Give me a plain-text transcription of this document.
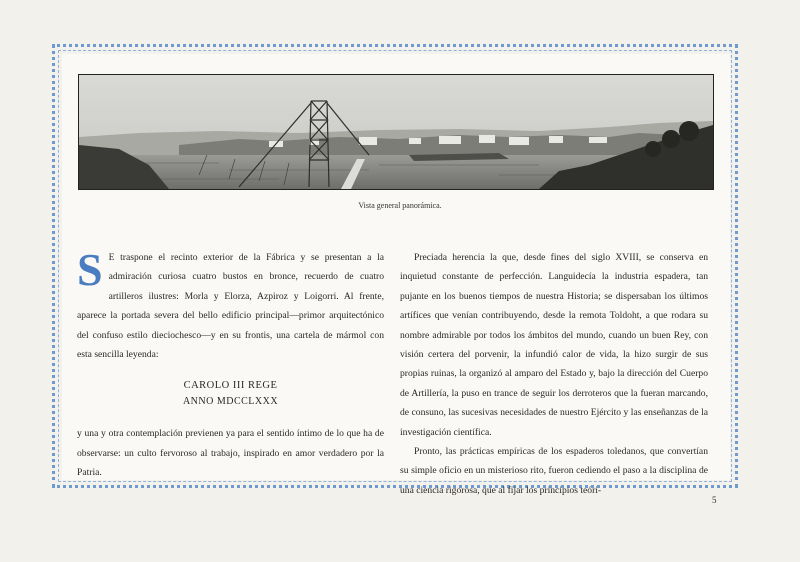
Vista general panorámica.

S E traspone el recinto exterior de la Fábrica y se presentan a la admiración curiosa cuatro bustos en bronce, recuerdo de cuatro artilleros ilustres: Morla y Elorza, Azpiroz y Loigorri. Al frente, aparece la portada severa del bello edificio principal—primor arquitectónico del confuso estilo dieciochesco—y en su frontis, una cartela de mármol con esta sencilla leyenda:

CAROLO III REGE
ANNO MDCCLXXX

y una y otra contemplación previenen ya para el sentido íntimo de lo que ha de observarse: un culto fervoroso al trabajo, inspirado en amor verdadero por la Patria.

Preciada herencia la que, desde fines del siglo XVIII, se conserva en inquietud constante de perfección. Languidecía la industria espadera, tan pujante en los buenos tiempos de nuestra Historia; se dispersaban los últimos artífices que venían contribuyendo, desde la remota Toldoht, a que rodara su nombre admirable por todos los ámbitos del mundo, cuando un buen Rey, con visión certera del porvenir, la infundió calor de vida, la hizo surgir de sus propias ruinas, la organizó al amparo del Estado y, bajo la dirección del Cuerpo de Artillería, la puso en trance de seguir los derroteros que la fueran marcando, de consuno, las sucesivas necesidades de nuestro Ejército y las enseñanzas de la investigación científica.

Pronto, las prácticas empíricas de los espaderos toledanos, que convertían su simple oficio en un misterioso rito, fueron cediendo el paso a la disciplina de una ciencia rigorosa, que al fijar los principios teóri-

5
